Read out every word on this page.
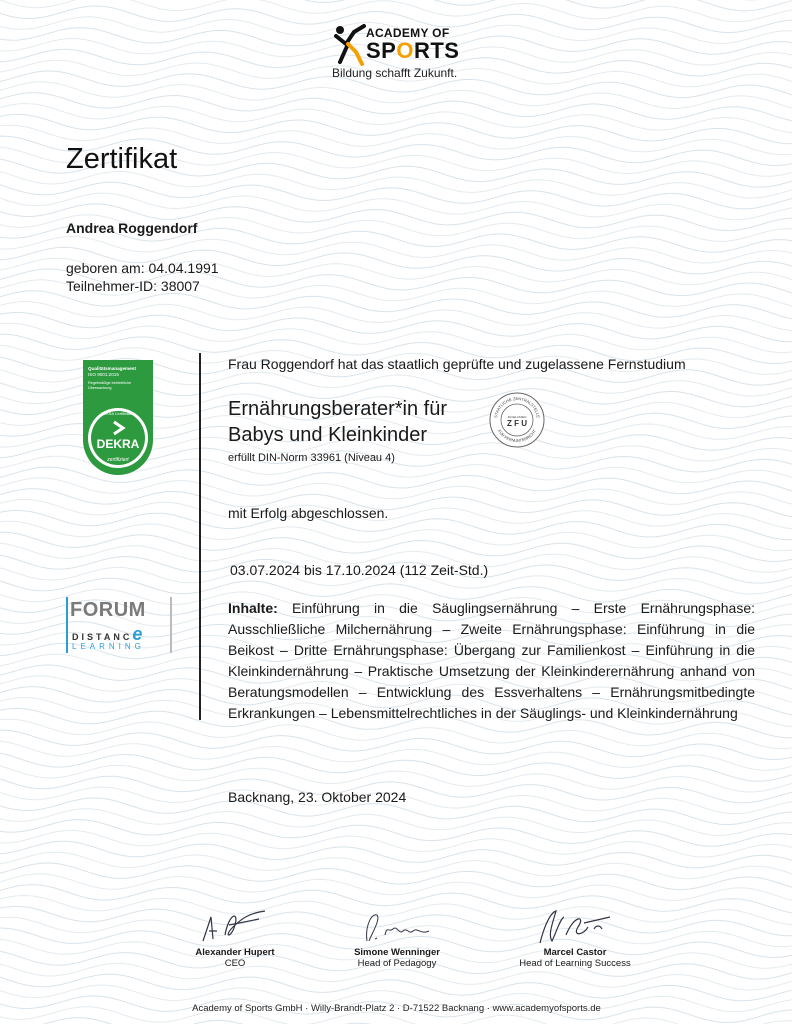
ACADEMY OF
SPORTS
Bildung schafft Zukunft.
Zertifikat
Andrea Roggendorf
geboren am: 04.04.1991
Teilnehmer-ID: 38007
Qualitätsmanagement
ISO 9001:2015
Regelmäßige betriebliche
Überwachung
DEKRA Certification
DEKRA
zertifiziert
Frau Roggendorf hat das staatlich geprüfte und zugelassene Fernstudium
Ernährungsberater*in für
Babys und Kleinkinder
erfüllt DIN-Norm 33961 (Niveau 4)
STAATLICHE ZENTRALSTELLE
FÜR FERNUNTERRICHT
ZUGELASSEN
Z F U
mit Erfolg abgeschlossen.
FORUM
DISTANCe
LEARNING
03.07.2024 bis 17.10.2024 (112 Zeit-Std.)
Inhalte: Einführung in die Säuglingsernährung – Erste Ernährungsphase: Ausschließliche Milchernährung – Zweite Ernährungsphase: Einführung in die Beikost – Dritte Ernährungsphase: Übergang zur Familienkost – Einführung in die Kleinkindernährung – Praktische Umsetzung der Kleinkinderernährung anhand von Beratungsmodellen – Entwicklung des Essverhaltens – Ernährungsmitbedingte Erkrankungen – Lebensmittelrechtliches in der Säuglings- und Kleinkindernährung
Backnang, 23. Oktober 2024
Alexander Hupert
CEO
Simone Wenninger
Head of Pedagogy
Marcel Castor
Head of Learning Success
Academy of Sports GmbH · Willy-Brandt-Platz 2 · D-71522 Backnang · www.academyofsports.de
